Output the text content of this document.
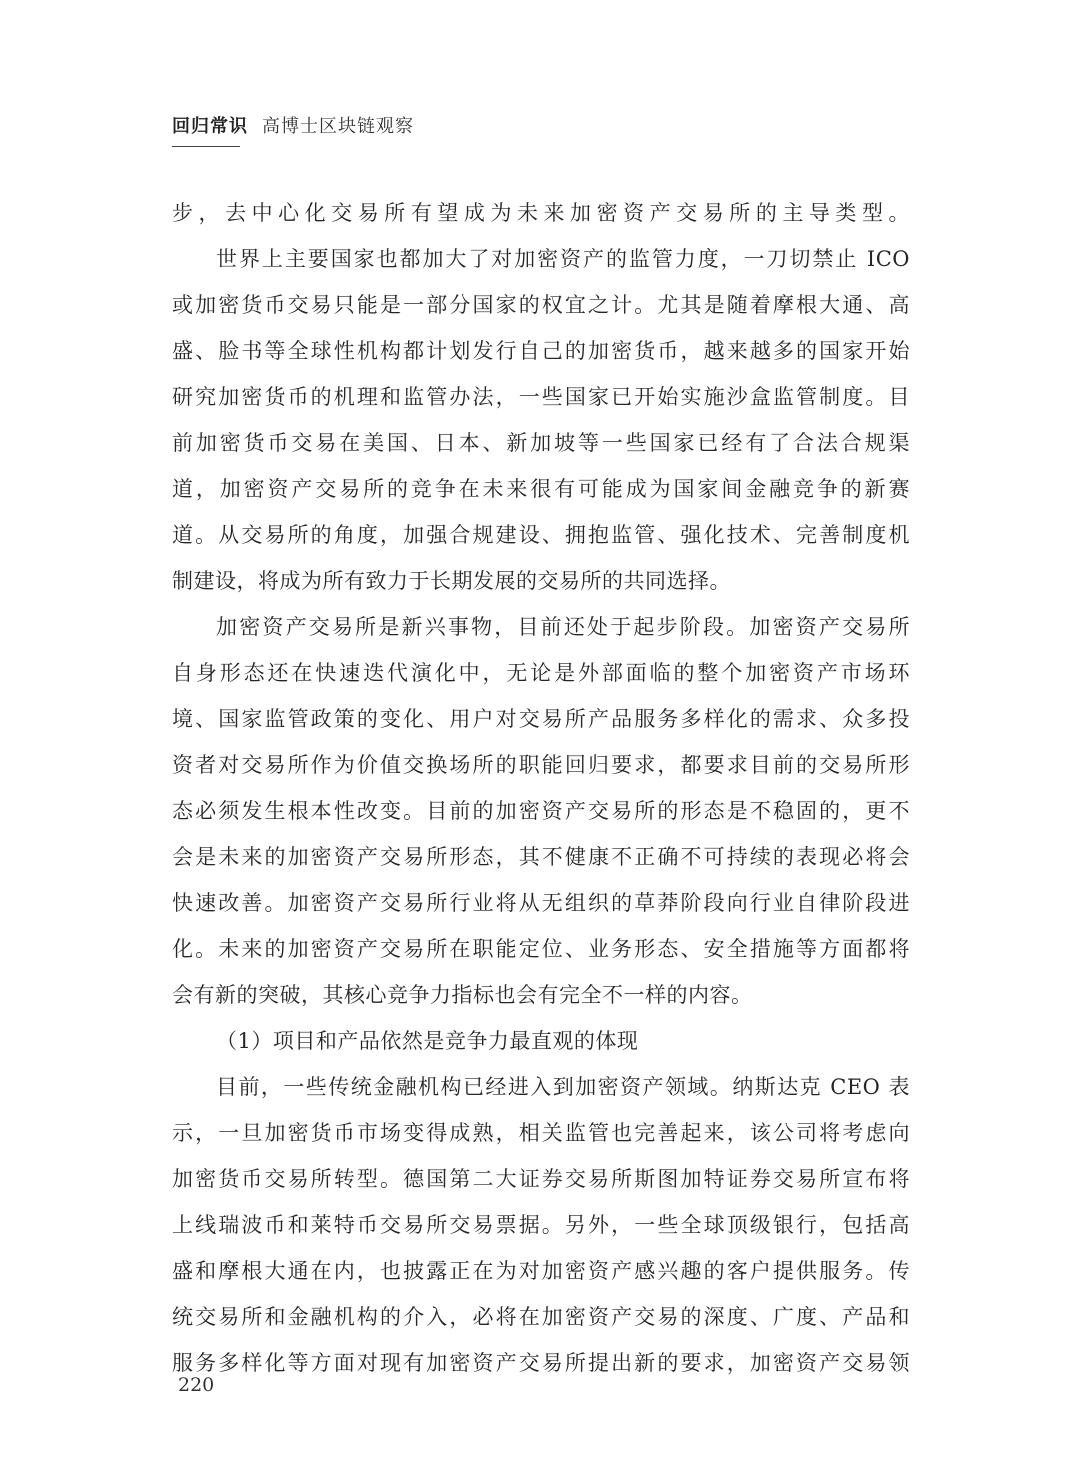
回归常识 高博士区块链观察
步，去中心化交易所有望成为未来加密资产交易所的主导类型。
世界上主要国家也都加大了对加密资产的监管力度，一刀切禁止 ICO
或加密货币交易只能是一部分国家的权宜之计。尤其是随着摩根大通、高
盛、脸书等全球性机构都计划发行自己的加密货币，越来越多的国家开始
研究加密货币的机理和监管办法，一些国家已开始实施沙盒监管制度。目
前加密货币交易在美国、日本、新加坡等一些国家已经有了合法合规渠
道，加密资产交易所的竞争在未来很有可能成为国家间金融竞争的新赛
道。从交易所的角度，加强合规建设、拥抱监管、强化技术、完善制度机
制建设，将成为所有致力于长期发展的交易所的共同选择。
加密资产交易所是新兴事物，目前还处于起步阶段。加密资产交易所
自身形态还在快速迭代演化中，无论是外部面临的整个加密资产市场环
境、国家监管政策的变化、用户对交易所产品服务多样化的需求、众多投
资者对交易所作为价值交换场所的职能回归要求，都要求目前的交易所形
态必须发生根本性改变。目前的加密资产交易所的形态是不稳固的，更不
会是未来的加密资产交易所形态，其不健康不正确不可持续的表现必将会
快速改善。加密资产交易所行业将从无组织的草莽阶段向行业自律阶段进
化。未来的加密资产交易所在职能定位、业务形态、安全措施等方面都将
会有新的突破，其核心竞争力指标也会有完全不一样的内容。
（1）项目和产品依然是竞争力最直观的体现
目前，一些传统金融机构已经进入到加密资产领域。纳斯达克 CEO 表
示，一旦加密货币市场变得成熟，相关监管也完善起来，该公司将考虑向
加密货币交易所转型。德国第二大证券交易所斯图加特证券交易所宣布将
上线瑞波币和莱特币交易所交易票据。另外，一些全球顶级银行，包括高
盛和摩根大通在内，也披露正在为对加密资产感兴趣的客户提供服务。传
统交易所和金融机构的介入，必将在加密资产交易的深度、广度、产品和
服务多样化等方面对现有加密资产交易所提出新的要求，加密资产交易领
220
